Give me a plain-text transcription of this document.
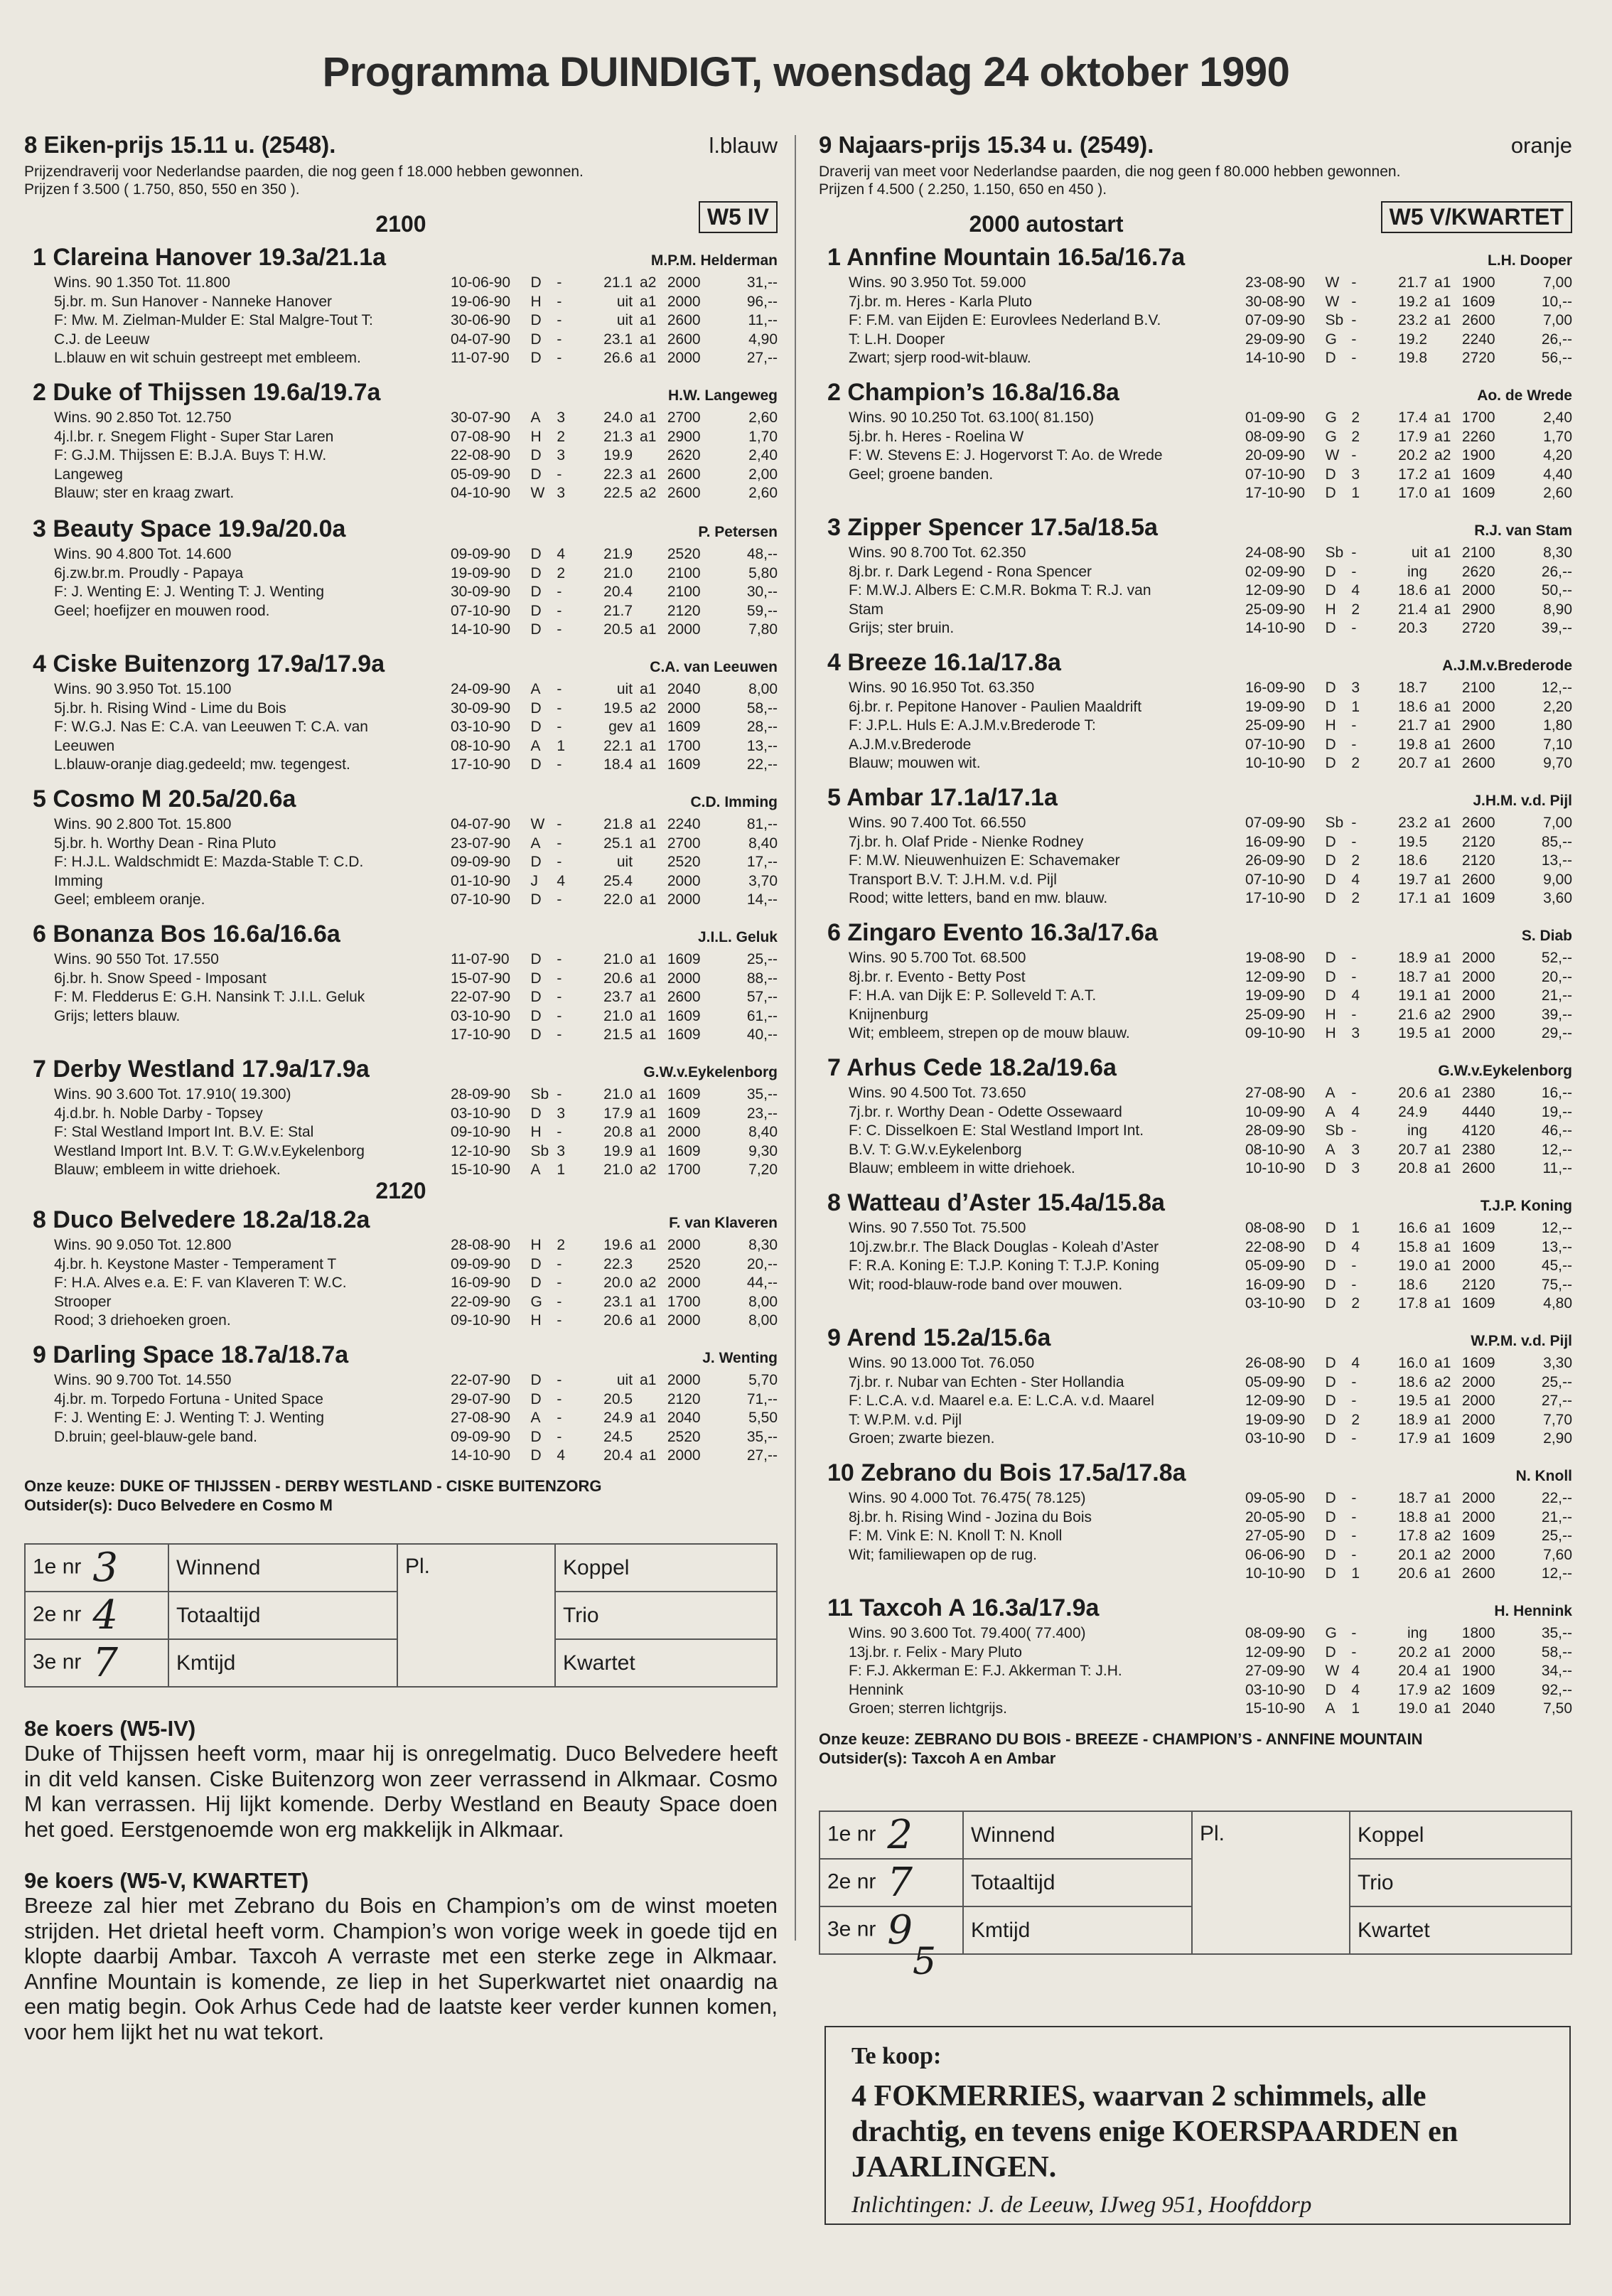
Programma DUINDIGT, woensdag 24 oktober 1990
8 Eiken-prijs 15.11 u. (2548).	l.blauw
Prijzendraverij voor Nederlandse paarden, die nog geen f 18.000 hebben gewonnen.
Prijzen f 3.500 ( 1.750, 850, 550 en 350 ).
2100	W5 IV
1 Clareina Hanover 19.3a/21.1a	M.P.M. Helderman
Wins. 90 1.350 Tot. 11.800
5j.br. m. Sun Hanover - Nanneke Hanover
F: Mw. M. Zielman-Mulder E: Stal Malgre-Tout T:
C.J. de Leeuw
L.blauw en wit schuin gestreept met embleem.
10-06-90	D	-	21.1 a2 2000	31,--
19-06-90	H	-	uit a1 2000	96,--
30-06-90	D	-	uit a1 2600	11,--
04-07-90	D	-	23.1 a1 2600	4,90
11-07-90	D	-	26.6 a1 2000	27,--
2 Duke of Thijssen 19.6a/19.7a	H.W. Langeweg
Wins. 90 2.850 Tot. 12.750
4j.l.br. r. Snegem Flight - Super Star Laren
F: G.J.M. Thijssen E: B.J.A. Buys T: H.W.
Langeweg
Blauw; ster en kraag zwart.
30-07-90	A	3	24.0 a1 2700	2,60
07-08-90	H	2	21.3 a1 2900	1,70
22-08-90	D	3	19.9	2620	2,40
05-09-90	D	-	22.3 a1 2600	2,00
04-10-90	W 3	22.5 a2 2600	2,60
3 Beauty Space 19.9a/20.0a	P. Petersen
Wins. 90 4.800 Tot. 14.600
6j.zw.br.m. Proudly - Papaya
F: J. Wenting E: J. Wenting T: J. Wenting
Geel; hoefijzer en mouwen rood.
09-09-90	D	4	21.9	2520	48,--
19-09-90	D	2	21.0	2100	5,80
30-09-90	D	-	20.4	2100	30,--
07-10-90	D	-	21.7	2120	59,--
14-10-90	D	-	20.5 a1 2000	7,80
4 Ciske Buitenzorg 17.9a/17.9a	C.A. van Leeuwen
Wins. 90 3.950 Tot. 15.100
5j.br. h. Rising Wind - Lime du Bois
F: W.G.J. Nas E: C.A. van Leeuwen T: C.A. van
Leeuwen
L.blauw-oranje diag.gedeeld; mw. tegengest.
24-09-90	A	-	uit a1 2040	8,00
30-09-90	D	-	19.5 a2 2000	58,--
03-10-90	D	-	gev a1 1609	28,--
08-10-90	A	1	22.1 a1 1700	13,--
17-10-90	D	-	18.4 a1 1609	22,--
5 Cosmo M 20.5a/20.6a	C.D. Imming
Wins. 90 2.800 Tot. 15.800
5j.br. h. Worthy Dean - Rina Pluto
F: H.J.L. Waldschmidt E: Mazda-Stable T: C.D.
Imming
Geel; embleem oranje.
04-07-90	W -	21.8 a1 2240	81,--
23-07-90	A	-	25.1 a1 2700	8,40
09-09-90	D	-	uit	2520	17,--
01-10-90	J	4	25.4	2000	3,70
07-10-90	D	-	22.0 a1 2000	14,--
6 Bonanza Bos 16.6a/16.6a	J.I.L. Geluk
Wins. 90 550 Tot. 17.550
6j.br. h. Snow Speed - Imposant
F: M. Fledderus E: G.H. Nansink T: J.I.L. Geluk
Grijs; letters blauw.
11-07-90	D	-	21.0 a1 1609	25,--
15-07-90	D	-	20.6 a1 2000	88,--
22-07-90	D	-	23.7 a1 2600	57,--
03-10-90	D	-	21.0 a1 1609	61,--
17-10-90	D	-	21.5 a1 1609	40,--
7 Derby Westland 17.9a/17.9a	G.W.v.Eykelenborg
Wins. 90 3.600 Tot. 17.910( 19.300)
4j.d.br. h. Noble Darby - Topsey
F: Stal Westland Import Int. B.V. E: Stal
Westland Import Int. B.V. T: G.W.v.Eykelenborg
Blauw; embleem in witte driehoek.
28-09-90	Sb -	21.0 a1 1609	35,--
03-10-90	D	3	17.9 a1 1609	23,--
09-10-90	H	-	20.8 a1 2000	8,40
12-10-90	Sb 3	19.9 a1 1609	9,30
15-10-90	A	1	21.0 a2 1700	7,20
2120
8 Duco Belvedere 18.2a/18.2a	F. van Klaveren
Wins. 90 9.050 Tot. 12.800
4j.br. h. Keystone Master - Temperament T
F: H.A. Alves e.a. E: F. van Klaveren T: W.C.
Strooper
Rood; 3 driehoeken groen.
28-08-90	H	2	19.6 a1 2000	8,30
09-09-90	D	-	22.3	2520	20,--
16-09-90	D	-	20.0 a2 2000	44,--
22-09-90	G -	23.1 a1 1700	8,00
09-10-90	H	-	20.6 a1 2000	8,00
9 Darling Space 18.7a/18.7a	J. Wenting
Wins. 90 9.700 Tot. 14.550
4j.br. m. Torpedo Fortuna - United Space
F: J. Wenting E: J. Wenting T: J. Wenting
D.bruin; geel-blauw-gele band.
22-07-90	D	-	uit a1 2000	5,70
29-07-90	D	-	20.5	2120	71,--
27-08-90	A	-	24.9 a1 2040	5,50
09-09-90	D	-	24.5	2520	35,--
14-10-90	D	4	20.4 a1 2000	27,--
Onze keuze: DUKE OF THIJSSEN - DERBY WESTLAND - CISKE BUITENZORG
Outsider(s): Duco Belvedere en Cosmo M
1e nr 3	Winnend	Pl.	Koppel
2e nr 4	Totaaltijd		Trio
3e nr 7	Kmtijd		Kwartet
8e koers (W5-IV)
Duke of Thijssen heeft vorm, maar hij is onregelmatig. Duco Belvedere heeft in dit veld kansen. Ciske Buitenzorg won zeer verrassend in Alkmaar. Cosmo M kan verrassen. Hij lijkt komende. Derby Westland en Beauty Space doen het goed. Eerstgenoemde won erg makkelijk in Alkmaar.
9e koers (W5-V, KWARTET)
Breeze zal hier met Zebrano du Bois en Champion’s om de winst moeten strijden. Het drietal heeft vorm. Champion’s won vorige week in goede tijd en klopte daarbij Ambar. Taxcoh A verraste met een sterke zege in Alkmaar. Annfine Mountain is komende, ze liep in het Superkwartet niet onaardig na een matig begin. Ook Arhus Cede had de laatste keer verder kunnen komen, voor hem lijkt het nu wat tekort.
9 Najaars-prijs 15.34 u. (2549).	oranje
Draverij van meet voor Nederlandse paarden, die nog geen f 80.000 hebben gewonnen.
Prijzen f 4.500 ( 2.250, 1.150, 650 en 450 ).
2000 autostart	W5 V/KWARTET
1 Annfine Mountain 16.5a/16.7a	L.H. Dooper
Wins. 90 3.950 Tot. 59.000
7j.br. m. Heres - Karla Pluto
F: F.M. van Eijden E: Eurovlees Nederland B.V.
T: L.H. Dooper
Zwart; sjerp rood-wit-blauw.
23-08-90	W -	21.7 a1 1900	7,00
30-08-90	W -	19.2 a1 1609	10,--
07-09-90	Sb -	23.2 a1 2600	7,00
29-09-90	G -	19.2	2240	26,--
14-10-90	D	-	19.8	2720	56,--
2 Champion’s 16.8a/16.8a	Ao. de Wrede
Wins. 90 10.250 Tot. 63.100( 81.150)
5j.br. h. Heres - Roelina W
F: W. Stevens E: J. Hogervorst T: Ao. de Wrede
Geel; groene banden.
01-09-90	G 2	17.4 a1 1700	2,40
08-09-90	G 2	17.9 a1 2260	1,70
20-09-90	W -	20.2 a2 1900	4,20
07-10-90	D	3	17.2 a1 1609	4,40
17-10-90	D	1	17.0 a1 1609	2,60
3 Zipper Spencer 17.5a/18.5a	R.J. van Stam
Wins. 90 8.700 Tot. 62.350
8j.br. r. Dark Legend - Rona Spencer
F: M.W.J. Albers E: C.M.R. Bokma T: R.J. van
Stam
Grijs; ster bruin.
24-08-90	Sb -	uit a1 2100	8,30
02-09-90	D	-	ing	2620	26,--
12-09-90	D	4	18.6 a1 2000	50,--
25-09-90	H	2	21.4 a1 2900	8,90
14-10-90	D	-	20.3	2720	39,--
4 Breeze 16.1a/17.8a	A.J.M.v.Brederode
Wins. 90 16.950 Tot. 63.350
6j.br. r. Pepitone Hanover - Paulien Maaldrift
F: J.P.L. Huls E: A.J.M.v.Brederode T:
A.J.M.v.Brederode
Blauw; mouwen wit.
16-09-90	D	3	18.7	2100	12,--
19-09-90	D	1	18.6 a1 2000	2,20
25-09-90	H	-	21.7 a1 2900	1,80
07-10-90	D	-	19.8 a1 2600	7,10
10-10-90	D	2	20.7 a1 2600	9,70
5 Ambar 17.1a/17.1a	J.H.M. v.d. Pijl
Wins. 90 7.400 Tot. 66.550
7j.br. h. Olaf Pride - Nienke Rodney
F: M.W. Nieuwenhuizen E: Schavemaker
Transport B.V. T: J.H.M. v.d. Pijl
Rood; witte letters, band en mw. blauw.
07-09-90	Sb -	23.2 a1 2600	7,00
16-09-90	D	-	19.5	2120	85,--
26-09-90	D	2	18.6	2120	13,--
07-10-90	D	4	19.7 a1 2600	9,00
17-10-90	D	2	17.1 a1 1609	3,60
6 Zingaro Evento 16.3a/17.6a	S. Diab
Wins. 90 5.700 Tot. 68.500
8j.br. r. Evento - Betty Post
F: H.A. van Dijk E: P. Solleveld T: A.T.
Knijnenburg
Wit; embleem, strepen op de mouw blauw.
19-08-90	D	-	18.9 a1 2000	52,--
12-09-90	D	-	18.7 a1 2000	20,--
19-09-90	D	4	19.1 a1 2000	21,--
25-09-90	H	-	21.6 a2 2900	39,--
09-10-90	H	3	19.5 a1 2000	29,--
7 Arhus Cede 18.2a/19.6a	G.W.v.Eykelenborg
Wins. 90 4.500 Tot. 73.650
7j.br. r. Worthy Dean - Odette Ossewaard
F: C. Disselkoen E: Stal Westland Import Int.
B.V. T: G.W.v.Eykelenborg
Blauw; embleem in witte driehoek.
27-08-90	A	-	20.6 a1 2380	16,--
10-09-90	A	4	24.9	4440	19,--
28-09-90	Sb -	ing	4120	46,--
08-10-90	A	3	20.7 a1 2380	12,--
10-10-90	D	3	20.8 a1 2600	11,--
8 Watteau d’Aster 15.4a/15.8a	T.J.P. Koning
Wins. 90 7.550 Tot. 75.500
10j.zw.br.r. The Black Douglas - Koleah d’Aster
F: R.A. Koning E: T.J.P. Koning T: T.J.P. Koning
Wit; rood-blauw-rode band over mouwen.
08-08-90	D	1	16.6 a1 1609	12,--
22-08-90	D	4	15.8 a1 1609	13,--
05-09-90	D	-	19.0 a1 2000	45,--
16-09-90	D	-	18.6	2120	75,--
03-10-90	D	2	17.8 a1 1609	4,80
9 Arend 15.2a/15.6a	W.P.M. v.d. Pijl
Wins. 90 13.000 Tot. 76.050
7j.br. r. Nubar van Echten - Ster Hollandia
F: L.C.A. v.d. Maarel e.a. E: L.C.A. v.d. Maarel
T: W.P.M. v.d. Pijl
Groen; zwarte biezen.
26-08-90	D	4	16.0 a1 1609	3,30
05-09-90	D	-	18.6 a2 2000	25,--
12-09-90	D	-	19.5 a1 2000	27,--
19-09-90	D	2	18.9 a1 2000	7,70
03-10-90	D	-	17.9 a1 1609	2,90
10 Zebrano du Bois 17.5a/17.8a	N. Knoll
Wins. 90 4.000 Tot. 76.475( 78.125)
8j.br. h. Rising Wind - Jozina du Bois
F: M. Vink E: N. Knoll T: N. Knoll
Wit; familiewapen op de rug.
09-05-90	D	-	18.7 a1 2000	22,--
20-05-90	D	-	18.8 a1 2000	21,--
27-05-90	D	-	17.8 a2 1609	25,--
06-06-90	D	-	20.1 a2 2000	7,60
10-10-90	D	1	20.6 a1 2600	12,--
11 Taxcoh A 16.3a/17.9a	H. Hennink
Wins. 90 3.600 Tot. 79.400( 77.400)
13j.br. r. Felix - Mary Pluto
F: F.J. Akkerman E: F.J. Akkerman T: J.H.
Hennink
Groen; sterren lichtgrijs.
08-09-90	G -	ing	1800	35,--
12-09-90	D	-	20.2 a1 2000	58,--
27-09-90	W 4	20.4 a1 1900	34,--
03-10-90	D	4	17.9 a2 1609	92,--
15-10-90	A	1	19.0 a1 2040	7,50
Onze keuze: ZEBRANO DU BOIS - BREEZE - CHAMPION’S - ANNFINE MOUNTAIN
Outsider(s): Taxcoh A en Ambar
1e nr 2	Winnend	Pl.	Koppel
2e nr 7	Totaaltijd		Trio
3e nr 9	Kmtijd		Kwartet
5
Te koop:
4 FOKMERRIES, waarvan 2 schimmels, alle drachtig, en tevens enige KOERSPAARDEN en JAARLINGEN.
Inlichtingen: J. de Leeuw, IJweg 951, Hoofddorp
